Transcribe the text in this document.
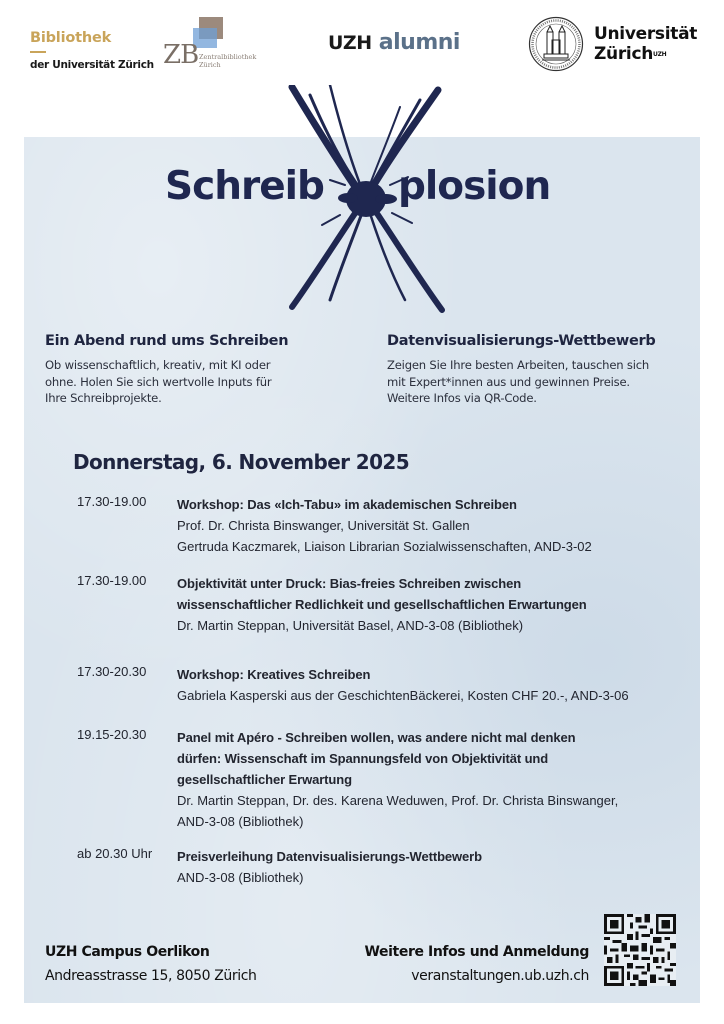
Bibliothek
der Universität Zürich ZB Zentralbibliothek
Zürich
UZH alumni	Universität
Zürich$^{UZH}$
Schreib plosion
Ein Abend rund ums Schreiben

Ob wissenschaftlich, kreativ, mit KI oder
ohne. Holen Sie sich wertvolle Inputs für
Ihre Schreibprojekte.

Datenvisualisierungs-Wettbewerb

Zeigen Sie Ihre besten Arbeiten, tauschen sich
mit Expert*innen aus und gewinnen Preise.
Weitere Infos via QR-Code.

Donnerstag, 6. November 2025
17.30-19.00 Workshop: Das «Ich-Tabu» im akademischen Schreiben
Prof. Dr. Christa Binswanger, Universität St. Gallen
Gertruda Kaczmarek, Liaison Librarian Sozialwissenschaften, AND-3-02
17.30-19.00 Objektivität unter Druck: Bias-freies Schreiben zwischen
wissenschaftlicher Redlichkeit und gesellschaftlichen Erwartungen
Dr. Martin Steppan, Universität Basel, AND-3-08 (Bibliothek)
17.30-20.30 Workshop: Kreatives Schreiben
Gabriela Kasperski aus der GeschichtenBäckerei, Kosten CHF 20.-, AND-3-06
19.15-20.30 Panel mit Apéro - Schreiben wollen, was andere nicht mal denken
dürfen: Wissenschaft im Spannungsfeld von Objektivität und
gesellschaftlicher Erwartung
Dr. Martin Steppan, Dr. des. Karena Weduwen, Prof. Dr. Christa Binswanger,
AND-3-08 (Bibliothek)
ab 20.30 Uhr Preisverleihung Datenvisualisierungs-Wettbewerb
AND-3-08 (Bibliothek)
UZH Campus Oerlikon
Andreasstrasse 15, 8050 Zürich
Weitere Infos und Anmeldung
veranstaltungen.ub.uzh.ch
